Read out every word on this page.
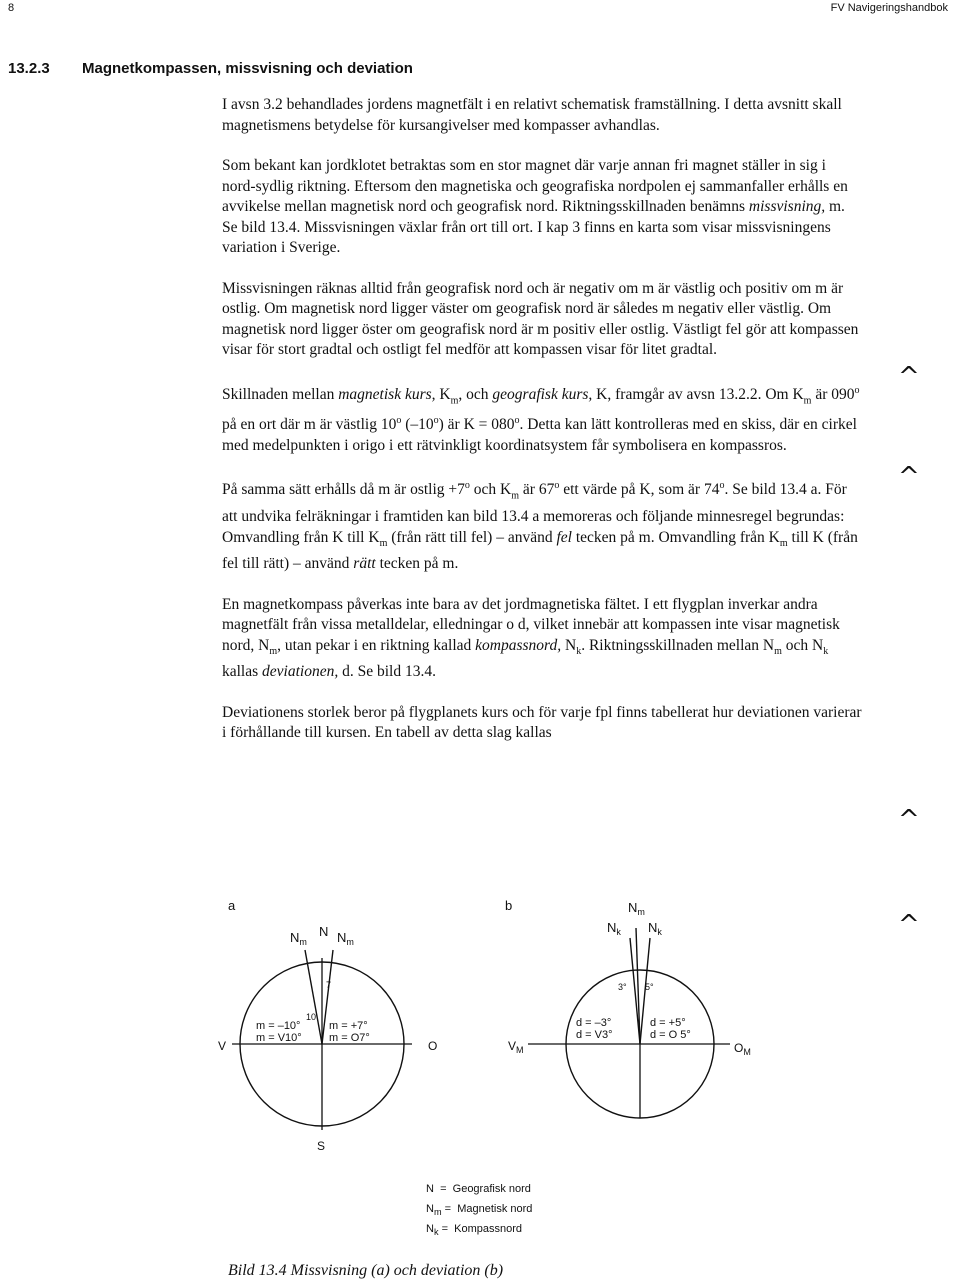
8	FV Navigeringshandbok
13.2.3 Magnetkompassen, missvisning och deviation

I avsn 3.2 behandlades jordens magnetfält i en relativt schematisk framställning. I detta avsnitt skall magnetismens betydelse för kursangivelser med kompasser avhandlas.

Som bekant kan jordklotet betraktas som en stor magnet där varje annan fri magnet ställer in sig i nord-sydlig riktning. Eftersom den magnetiska och geografiska nordpolen ej sammanfaller erhålls en avvikelse mellan magnetisk nord och geografisk nord. Riktningsskillnaden benämns missvisning, m. Se bild 13.4. Missvisningen växlar från ort till ort. I kap 3 finns en karta som visar missvisningens variation i Sverige.

Missvisningen räknas alltid från geografisk nord och är negativ om m är västlig och positiv om m är ostlig. Om magnetisk nord ligger väster om geografisk nord är således m negativ eller västlig. Om magnetisk nord ligger öster om geografisk nord är m positiv eller ostlig. Västligt fel gör att kompassen visar för stort gradtal och ostligt fel medför att kompassen visar för litet gradtal.

Skillnaden mellan magnetisk kurs, $K_m$, och geografisk kurs, K, framgår av avsn 13.2.2. Om $K_m$ är 090$^o$ på en ort där m är västlig 10$^o$ (–10$^o$) är $K = 080^o$. Detta kan lätt kontrolleras med en skiss, där en cirkel med medelpunkten i origo i ett rätvinkligt koordinatsystem får symbolisera en kompassros.

På samma sätt erhålls då m är ostlig $+7^o$ och $K_m$ är 67$^o$ ett värde på K, som är 74$^o$. Se bild 13.4 a. För att undvika felräkningar i framtiden kan bild 13.4 a memoreras och följande minnesregel begrundas: Omvandling från K till $K_m$ (från rätt till fel) – använd fel tecken på m. Omvandling från $K_m$ till K (från fel till rätt) – använd rätt tecken på m.

En magnetkompass påverkas inte bara av det jordmagnetiska fältet. I ett flygplan inverkar andra magnetfält från vissa metalldelar, elledningar o d, vilket innebär att kompassen inte visar magnetisk nord, $N_m$, utan pekar i en riktning kallad kompassnord, $N_k$. Riktningsskillnaden mellan $N_m$ och $N_k$ kallas deviationen, d. Se bild 13.4.

Deviationens storlek beror på flygplanets kurs och för varje fpl finns tabellerat hur deviationen varierar i förhållande till kursen. En tabell av detta slag kallas

^
^
^
^
a
$N_m$
N $N_m$
10
7
m = –10°
m = V10°
m = +7°
m = O7°
V	O
S
b	$N_m$
$N_k$ $N_k$
3° 5°
d = –3°
d = V3°
d = +5°
d = O 5°
$V_M$	$O_M$
N = Geografisk nord
$N_m$ = Magnetisk nord
$N_k$ = Kompassnord
Bild 13.4 Missvisning (a) och deviation (b)
